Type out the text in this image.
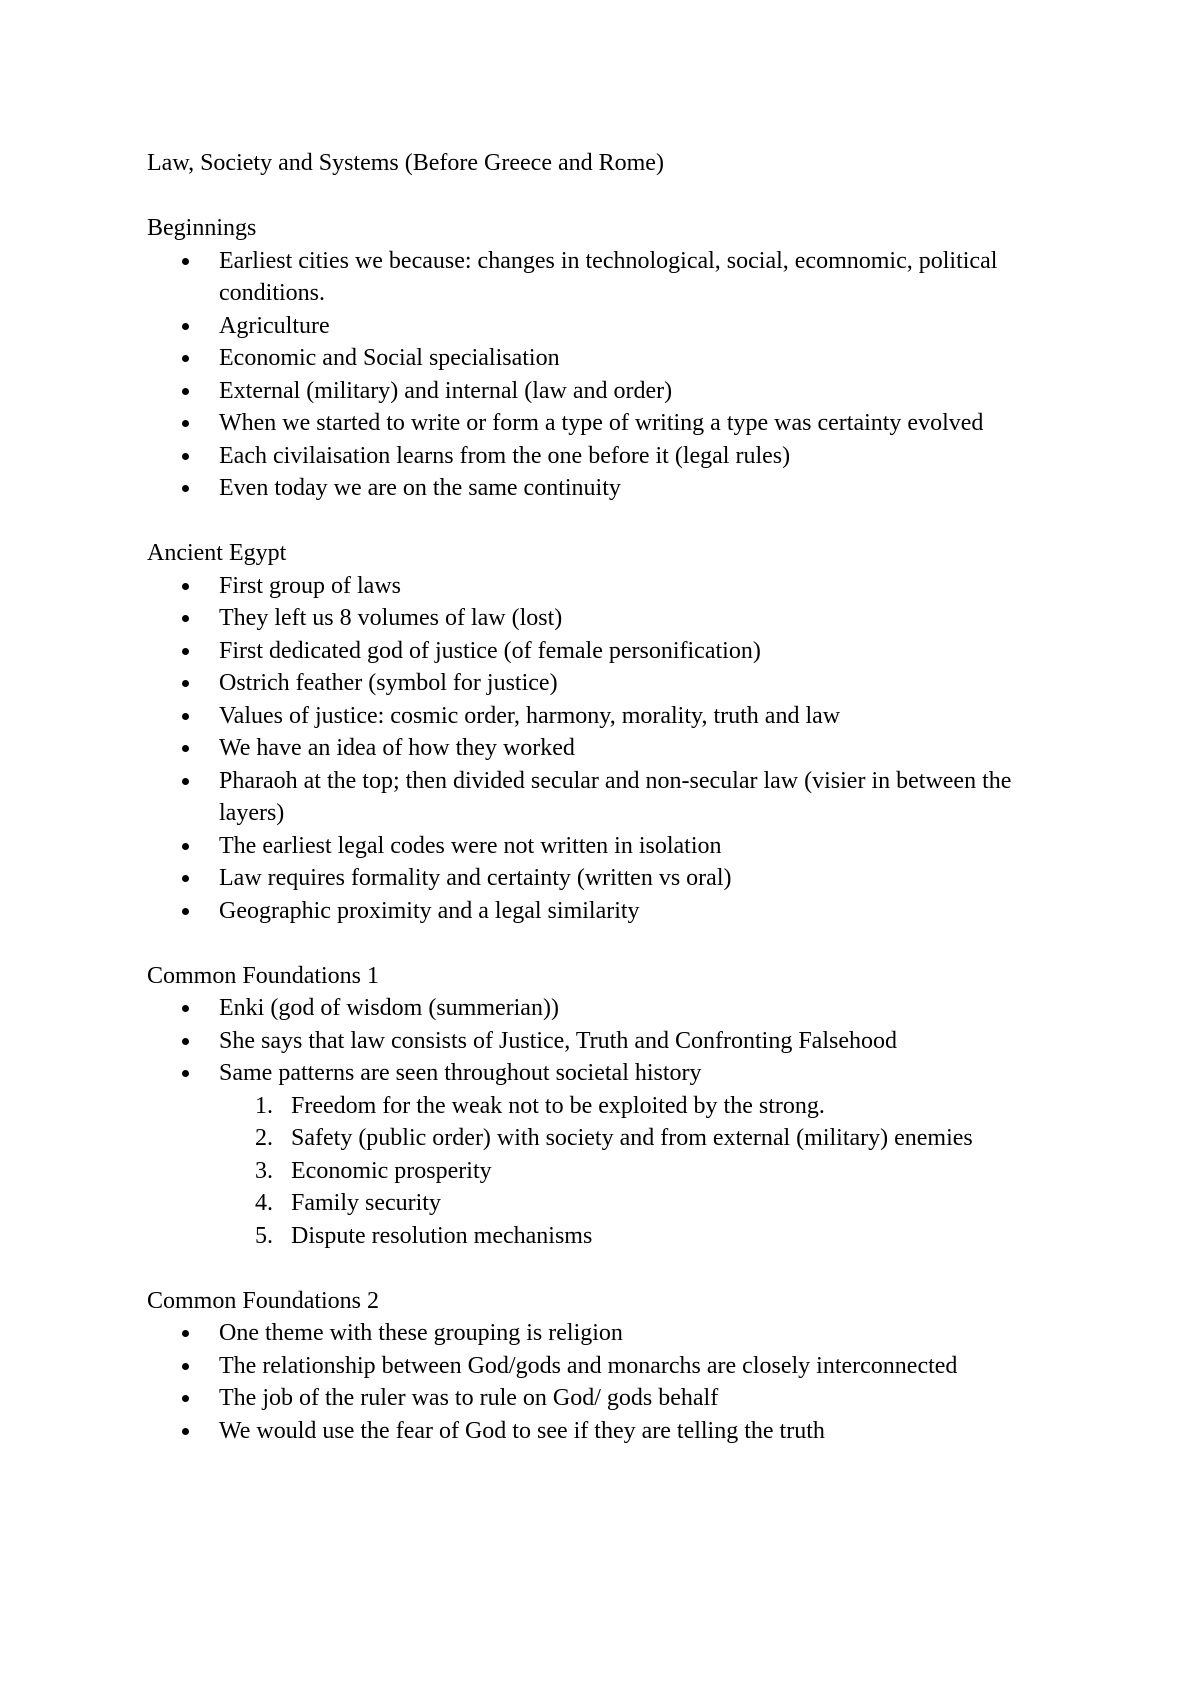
Law, Society and Systems (Before Greece and Rome)

Beginnings

Earliest cities we because: changes in technological, social, ecomnomic, political conditions.
Agriculture
Economic and Social specialisation
External (military) and internal (law and order)
When we started to write or form a type of writing a type was certainty evolved
Each civilaisation learns from the one before it (legal rules)
Even today we are on the same continuity

Ancient Egypt

First group of laws
They left us 8 volumes of law (lost)
First dedicated god of justice (of female personification)
Ostrich feather (symbol for justice)
Values of justice: cosmic order, harmony, morality, truth and law
We have an idea of how they worked
Pharaoh at the top; then divided secular and non-secular law (visier in between the layers)
The earliest legal codes were not written in isolation
Law requires formality and certainty (written vs oral)
Geographic proximity and a legal similarity

Common Foundations 1

Enki (god of wisdom (summerian))
She says that law consists of Justice, Truth and Confronting Falsehood
Same patterns are seen throughout societal history
1. Freedom for the weak not to be exploited by the strong.
2. Safety (public order) with society and from external (military) enemies
3. Economic prosperity
4. Family security
5. Dispute resolution mechanisms

Common Foundations 2

One theme with these grouping is religion
The relationship between God/gods and monarchs are closely interconnected
The job of the ruler was to rule on God/ gods behalf
We would use the fear of God to see if they are telling the truth
